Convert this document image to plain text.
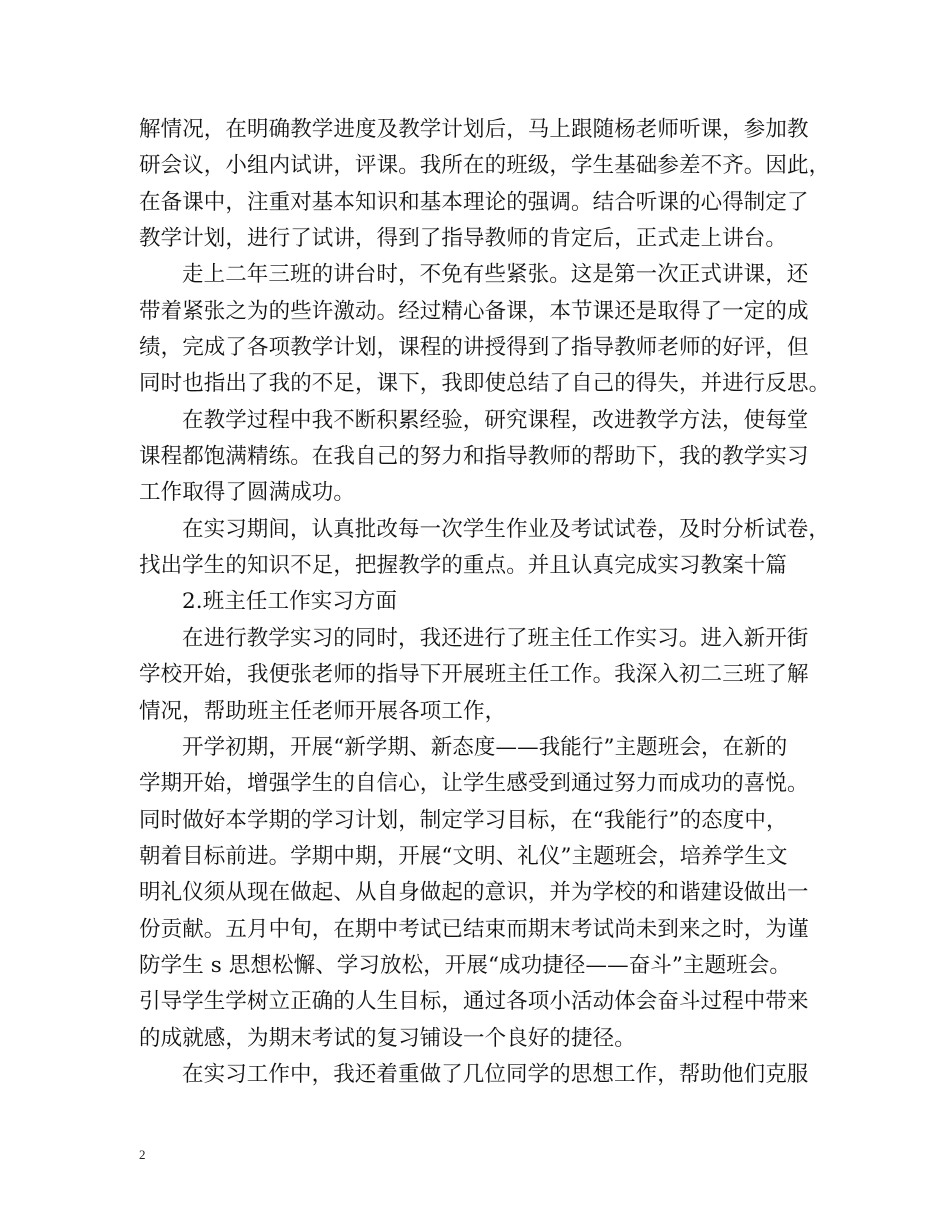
解情况，在明确教学进度及教学计划后，马上跟随杨老师听课，参加教
研会议，小组内试讲，评课。我所在的班级，学生基础参差不齐。因此，
在备课中，注重对基本知识和基本理论的强调。结合听课的心得制定了
教学计划，进行了试讲，得到了指导教师的肯定后，正式走上讲台。
走上二年三班的讲台时，不免有些紧张。这是第一次正式讲课，还
带着紧张之为的些许激动。经过精心备课，本节课还是取得了一定的成
绩，完成了各项教学计划，课程的讲授得到了指导教师老师的好评，但
同时也指出了我的不足，课下，我即使总结了自己的得失，并进行反思。
在教学过程中我不断积累经验，研究课程，改进教学方法，使每堂
课程都饱满精练。在我自己的努力和指导教师的帮助下，我的教学实习
工作取得了圆满成功。
在实习期间，认真批改每一次学生作业及考试试卷，及时分析试卷，
找出学生的知识不足，把握教学的重点。并且认真完成实习教案十篇
2.班主任工作实习方面
在进行教学实习的同时，我还进行了班主任工作实习。进入新开街
学校开始，我便张老师的指导下开展班主任工作。我深入初二三班了解
情况，帮助班主任老师开展各项工作，
开学初期，开展“新学期、新态度——我能行”主题班会，在新的
学期开始，增强学生的自信心，让学生感受到通过努力而成功的喜悦。
同时做好本学期的学习计划，制定学习目标，在“我能行”的态度中，
朝着目标前进。学期中期，开展“文明、礼仪”主题班会，培养学生文
明礼仪须从现在做起、从自身做起的意识，并为学校的和谐建设做出一
份贡献。五月中旬，在期中考试已结束而期末考试尚未到来之时，为谨
防学生 s 思想松懈、学习放松，开展“成功捷径——奋斗”主题班会。
引导学生学树立正确的人生目标，通过各项小活动体会奋斗过程中带来
的成就感，为期末考试的复习铺设一个良好的捷径。
在实习工作中，我还着重做了几位同学的思想工作，帮助他们克服
2
